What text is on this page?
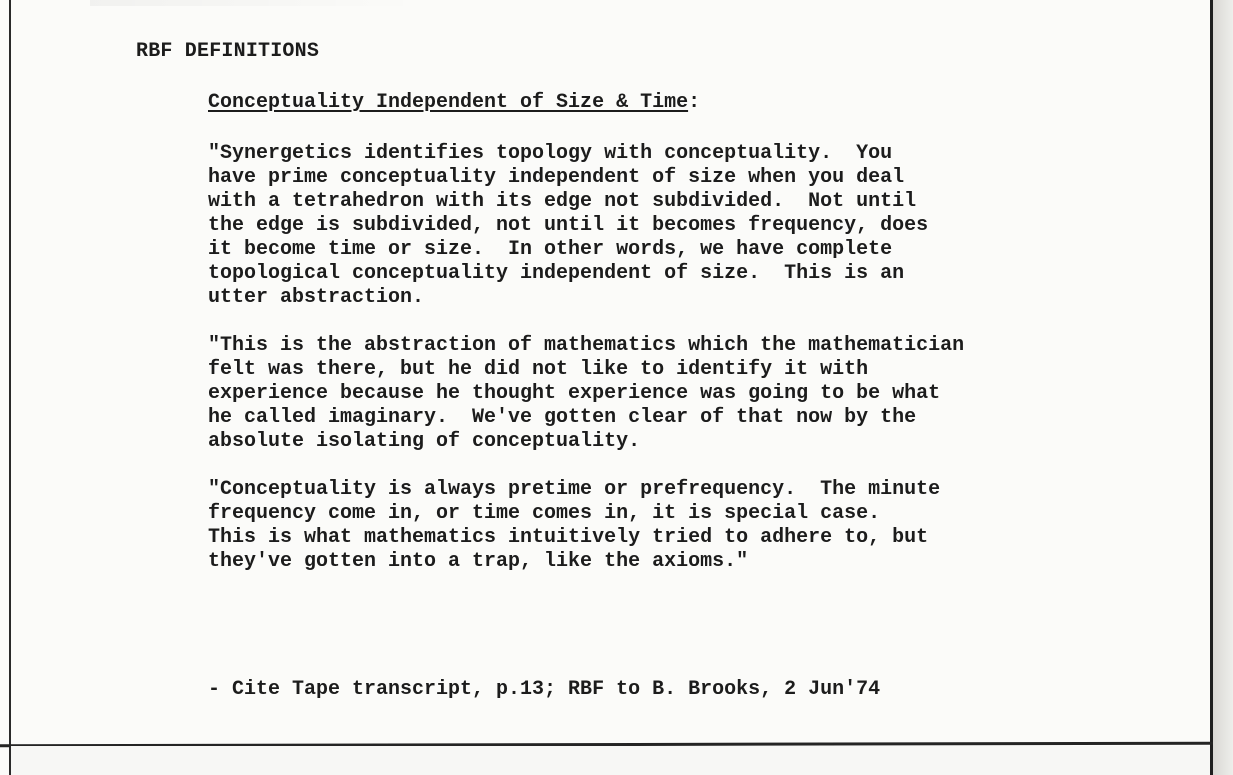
RBF DEFINITIONS
Conceptuality Independent of Size & Time:
"Synergetics identifies topology with conceptuality.  You
have prime conceptuality independent of size when you deal
with a tetrahedron with its edge not subdivided.  Not until
the edge is subdivided, not until it becomes frequency, does
it become time or size.  In other words, we have complete
topological conceptuality independent of size.  This is an
utter abstraction.
"This is the abstraction of mathematics which the mathematician
felt was there, but he did not like to identify it with
experience because he thought experience was going to be what
he called imaginary.  We've gotten clear of that now by the
absolute isolating of conceptuality.
"Conceptuality is always pretime or prefrequency.  The minute
frequency come in, or time comes in, it is special case.
This is what mathematics intuitively tried to adhere to, but
they've gotten into a trap, like the axioms."
- Cite Tape transcript, p.13; RBF to B. Brooks, 2 Jun'74
